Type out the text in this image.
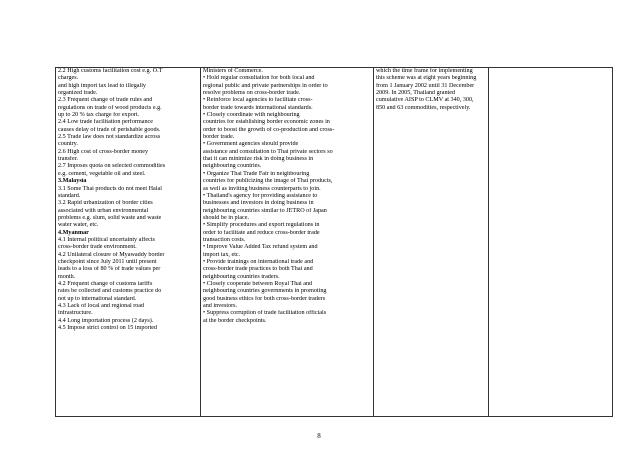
2.2 High customs facilitation cost e.g. O.T
charges.
and high import tax lead to illegally
organized trade.
2.3 Frequent change of trade rules and
regulations on trade of wood products e.g.
up to 20 % tax charge for export.
2.4 Low trade facilitation performance
causes delay of trade of perishable goods.
2.5 Trade law does not standardize across
country.
2.6 High cost of cross-border money
transfer.
2.7 Imposes quota on selected commodities
e.g. cement, vegetable oil and steel.
3.Malaysia
3.1 Some Thai products do not meet Halal
standard.
3.2 Rapid urbanization of border cities
associated with urban environmental
problems e.g. slum, solid waste and waste
water water, etc.
4.Myanmar
4.1 Internal political uncertainty affects
cross-border trade environment.
4.2 Unilateral closure of Myawaddy border
checkpoint since July 2011 until present
leads to a loss of 80 % of trade values per
month.
4.2 Frequent change of customs tariffs
rates be collected and customs practice do
not up to international standard.
4.3 Lack of local and regional road
infrastructure.
4.4 Long importation process (2 days).
4.5 Impose strict control on 15 imported

Ministers of Commerce.
• Hold regular consultation for both local and
regional public and private partnerships in order to
resolve problems on cross-border trade.
• Reinforce local agencies to facilitate cross-
border trade towards international standards.
• Closely coordinate with neighbouring
countries for establishing border economic zones in
order to boost the growth of co-production and cross-
border trade.
• Government agencies should provide
assistance and consultation to Thai private sectors so
that it can minimize risk in doing business in
neighbouring countries.
• Organize Thai Trade Fair in neighbouring
countries for publicizing the image of Thai products,
as well as inviting business counterparts to join.
• Thailand's agency for providing assistance to
businesses and investors in doing business in
neighbouring countries similar to JETRO of Japan
should be in place.
• Simplify procedures and export regulations in
order to facilitate and reduce cross-border trade
transaction costs.
• Improve Value Added Tax refund system and
import tax, etc.
• Provide trainings on international trade and
cross-border trade practices to both Thai and
neighbouring countries traders.
• Closely cooperate between Royal Thai and
neighbouring countries governments in promoting
good business ethics for both cross-border traders
and investors.
• Suppress corruption of trade facilitation officials
at the border checkpoints.

which the time frame for implementing
this scheme was at eight years beginning
from 1 January 2002 until 31 December
2009. In 2005, Thailand granted
cumulative AISP to CLMV at 340, 300,
850 and 63 commodities, respectively.

8
